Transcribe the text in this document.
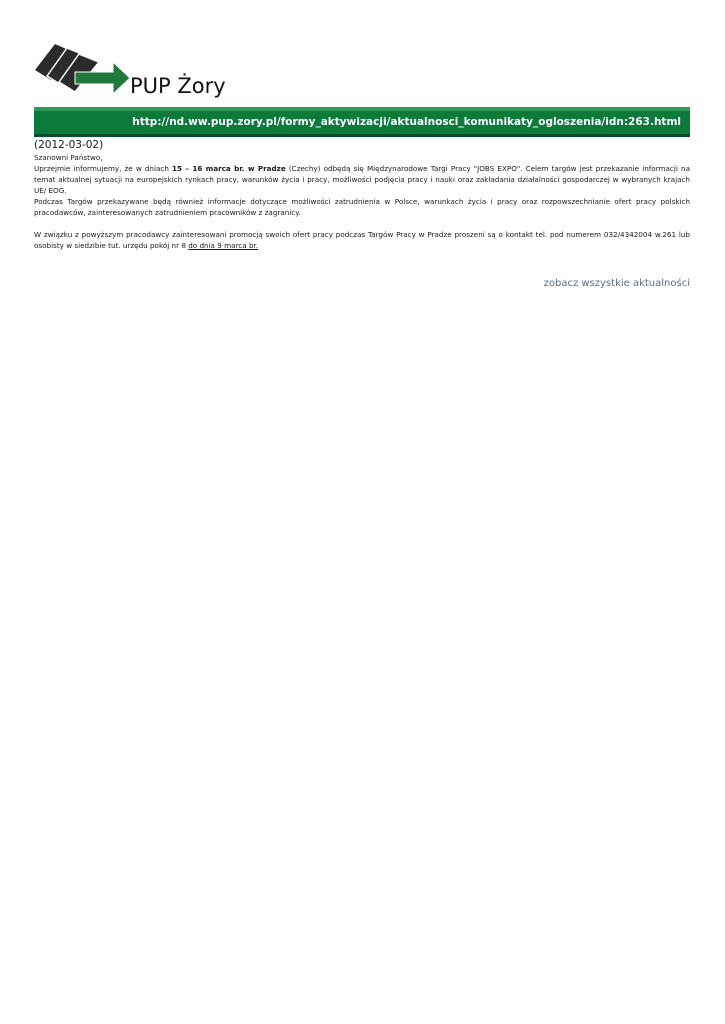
PUP Żory
http://nd.ww.pup.zory.pl/formy_aktywizacji/aktualnosci_komunikaty_ogloszenia/idn:263.html

(2012-03-02)

Szanowni Państwo,

Uprzejmie informujemy, że w dniach 15 – 16 marca br. w Pradze (Czechy) odbędą się Międzynarodowe Targi Pracy "JOBS EXPO". Celem targów jest przekazanie informacji na temat aktualnej sytuacji na europejskich rynkach pracy, warunków życia i pracy, możliwości podjęcia pracy i nauki oraz zakładania działalności gospodarczej w wybranych krajach UE/ EOG.

Podczas Targów przekazywane będą również informacje dotyczące możliwości zatrudnienia w Polsce, warunkach życia i pracy oraz rozpowszechnianie ofert pracy polskich pracodawców, zainteresowanych zatrudnieniem pracowników z zagranicy.

W związku z powyższym pracodawcy zainteresowani promocją swoich ofert pracy podczas Targów Pracy w Pradze proszeni są o kontakt tel. pod numerem 032/4342004 w.261 lub osobisty w siedzibie tut. urzędu pokój nr 8 do dnia 9 marca br.

zobacz wszystkie aktualności
